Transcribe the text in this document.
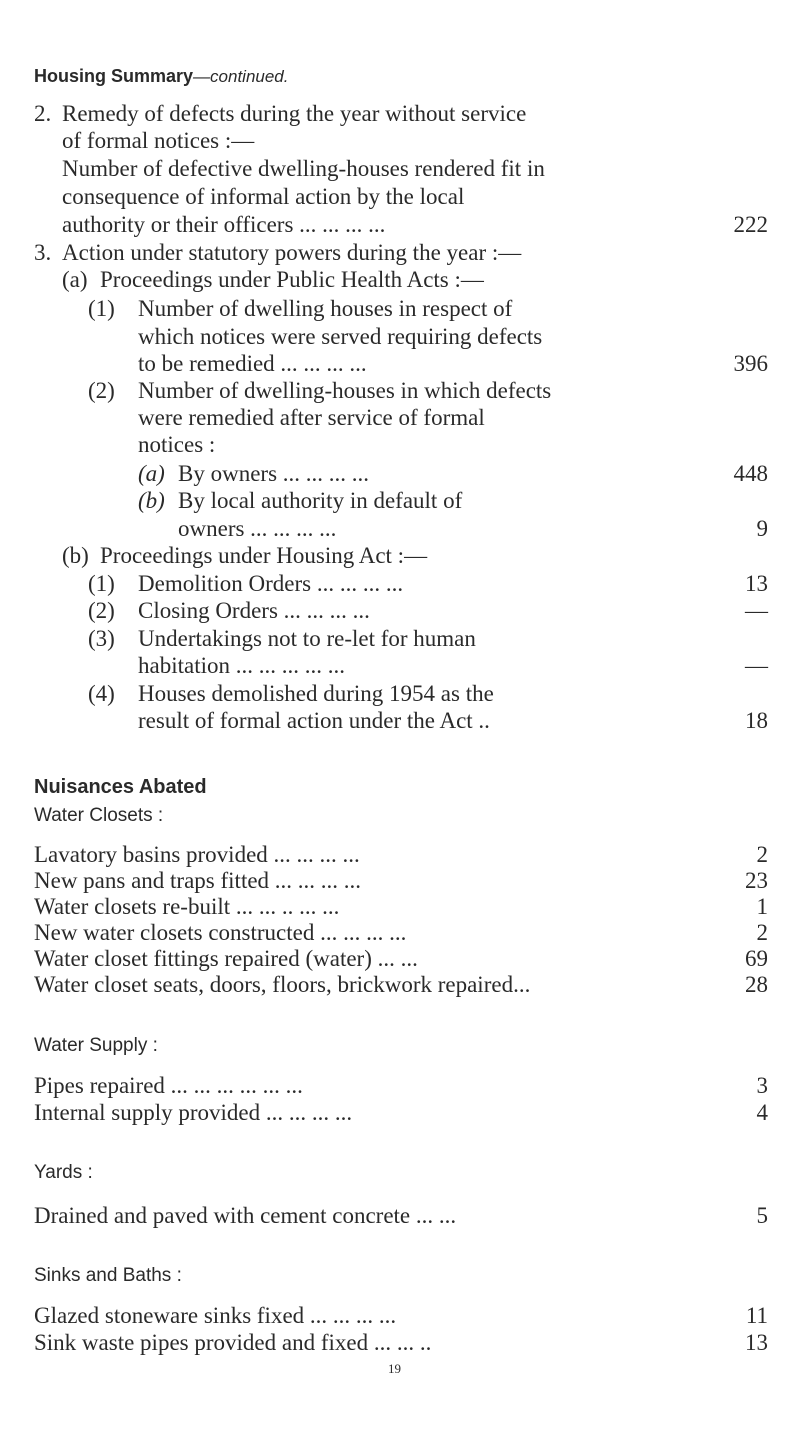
Housing Summary—continued.
2. Remedy of defects during the year without service
of formal notices :—
Number of defective dwelling-houses rendered fit in
consequence of informal action by the local
authority or their officers ... ... ... ...	222
3. Action under statutory powers during the year :—
(a) Proceedings under Public Health Acts :—
(1) Number of dwelling houses in respect of
which notices were served requiring defects
to be remedied ... ... ... ...	396
(2) Number of dwelling-houses in which defects
were remedied after service of formal
notices :
(a) By owners ... ... ... ...	448
(b) By local authority in default of
owners ... ... ... ...	9
(b) Proceedings under Housing Act :—
(1) Demolition Orders ... ... ... ...	13
(2) Closing Orders ... ... ... ...	—
(3) Undertakings not to re-let for human
habitation ... ... ... ... ...	—
(4) Houses demolished during 1954 as the
result of formal action under the Act ..	18
Nuisances Abated
Water Closets :
Lavatory basins provided ... ... ... ...	2
New pans and traps fitted ... ... ... ...	23
Water closets re-built ... ... .. ... ...	1
New water closets constructed ... ... ... ...	2
Water closet fittings repaired (water) ... ...	69
Water closet seats, doors, floors, brickwork repaired...	28
Water Supply :
Pipes repaired ... ... ... ... ... ...	3
Internal supply provided ... ... ... ...	4
Yards :
Drained and paved with cement concrete ... ...	5
Sinks and Baths :
Glazed stoneware sinks fixed ... ... ... ...	11
Sink waste pipes provided and fixed ... ... ..	13
19
